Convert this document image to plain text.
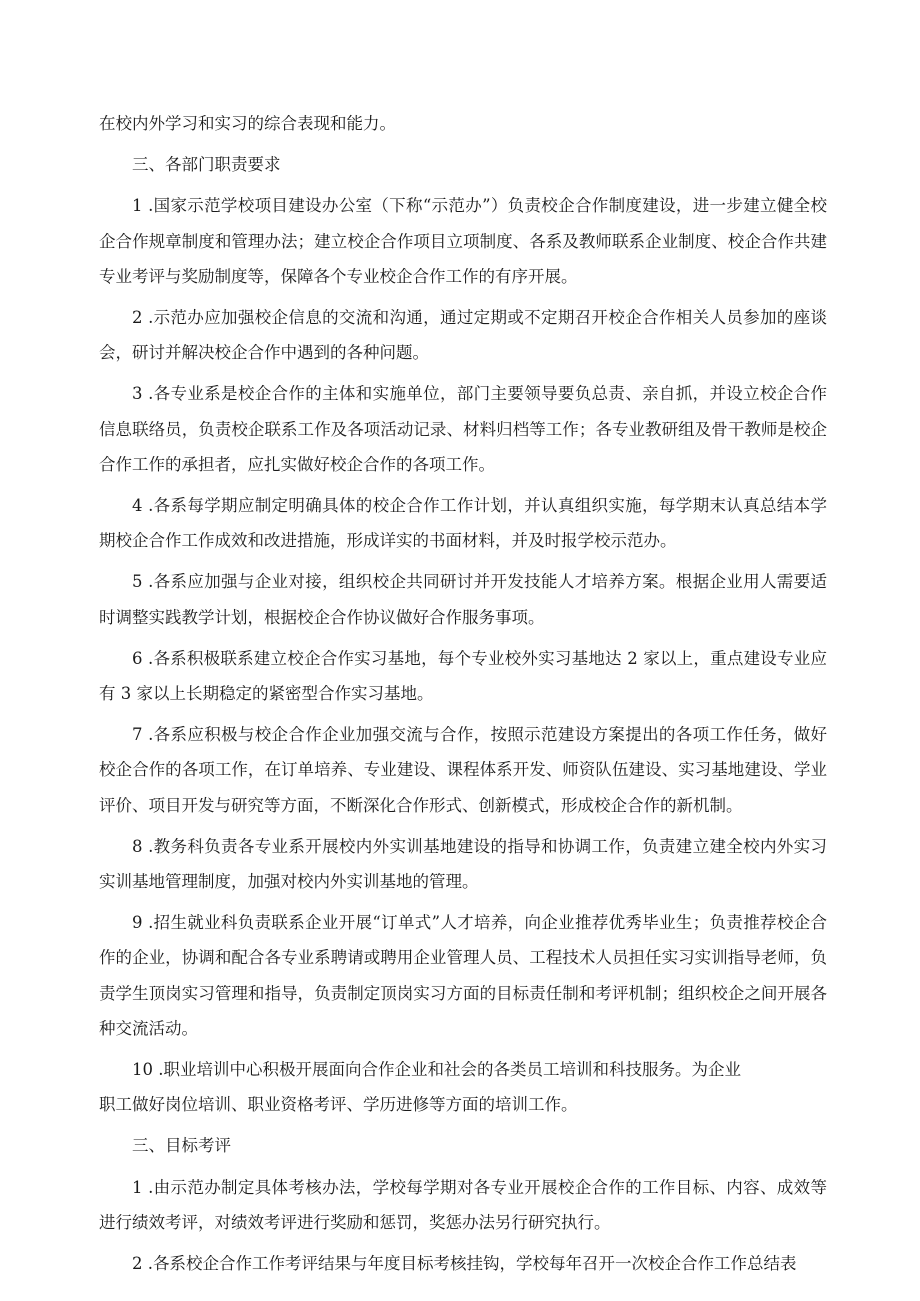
在校内外学习和实习的综合表现和能力。

三、各部门职责要求

1 .国家示范学校项目建设办公室（下称“示范办”）负责校企合作制度建设，进一步建立健全校企合作规章制度和管理办法；建立校企合作项目立项制度、各系及教师联系企业制度、校企合作共建专业考评与奖励制度等，保障各个专业校企合作工作的有序开展。

2 .示范办应加强校企信息的交流和沟通，通过定期或不定期召开校企合作相关人员参加的座谈会，研讨并解决校企合作中遇到的各种问题。

3 .各专业系是校企合作的主体和实施单位，部门主要领导要负总责、亲自抓，并设立校企合作信息联络员，负责校企联系工作及各项活动记录、材料归档等工作；各专业教研组及骨干教师是校企合作工作的承担者，应扎实做好校企合作的各项工作。

4 .各系每学期应制定明确具体的校企合作工作计划，并认真组织实施，每学期末认真总结本学期校企合作工作成效和改进措施，形成详实的书面材料，并及时报学校示范办。

5 .各系应加强与企业对接，组织校企共同研讨并开发技能人才培养方案。根据企业用人需要适时调整实践教学计划，根据校企合作协议做好合作服务事项。

6 .各系积极联系建立校企合作实习基地，每个专业校外实习基地达 2 家以上，重点建设专业应有 3 家以上长期稳定的紧密型合作实习基地。

7 .各系应积极与校企合作企业加强交流与合作，按照示范建设方案提出的各项工作任务，做好校企合作的各项工作，在订单培养、专业建设、课程体系开发、师资队伍建设、实习基地建设、学业评价、项目开发与研究等方面，不断深化合作形式、创新模式，形成校企合作的新机制。

8 .教务科负责各专业系开展校内外实训基地建设的指导和协调工作，负责建立建全校内外实习实训基地管理制度，加强对校内外实训基地的管理。

9 .招生就业科负责联系企业开展“订单式”人才培养，向企业推荐优秀毕业生；负责推荐校企合作的企业，协调和配合各专业系聘请或聘用企业管理人员、工程技术人员担任实习实训指导老师，负责学生顶岗实习管理和指导，负责制定顶岗实习方面的目标责任制和考评机制；组织校企之间开展各种交流活动。

10 .职业培训中心积极开展面向合作企业和社会的各类员工培训和科技服务。为企业

职工做好岗位培训、职业资格考评、学历进修等方面的培训工作。

三、目标考评

1 .由示范办制定具体考核办法，学校每学期对各专业开展校企合作的工作目标、内容、成效等进行绩效考评，对绩效考评进行奖励和惩罚，奖惩办法另行研究执行。

2 .各系校企合作工作考评结果与年度目标考核挂钩，学校每年召开一次校企合作工作总结表
